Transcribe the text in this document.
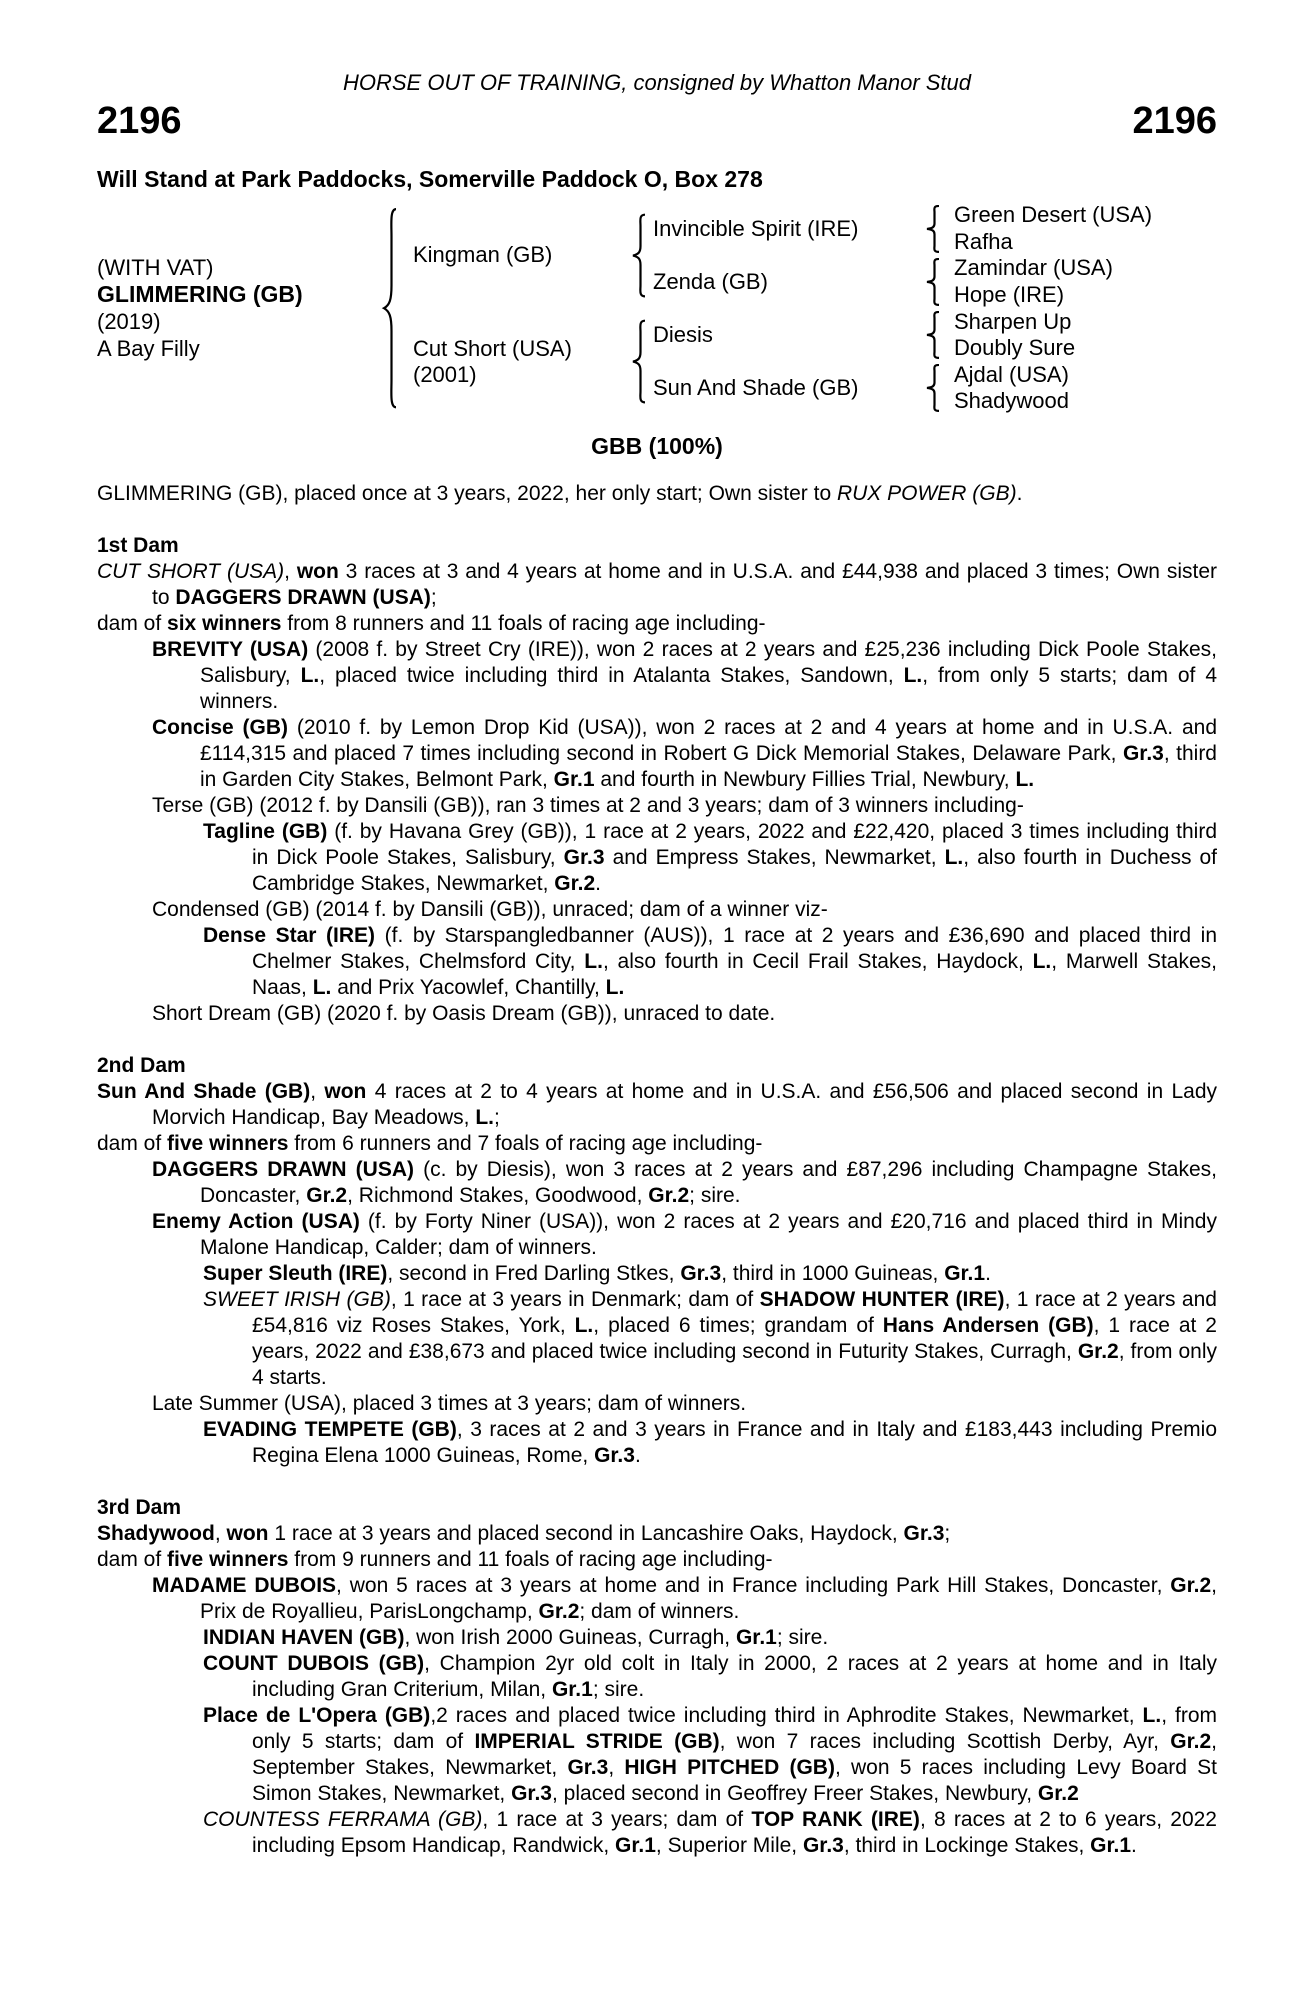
HORSE OUT OF TRAINING, consigned by Whatton Manor Stud
2196	2196
Will Stand at Park Paddocks, Somerville Paddock O, Box 278
(WITH VAT)
GLIMMERING (GB)
(2019)
A Bay Filly
Kingman (GB)
Cut Short (USA)
(2001)
Invincible Spirit (IRE)
Zenda (GB)
Diesis
Sun And Shade (GB)
Green Desert (USA)
Rafha
Zamindar (USA)
Hope (IRE)
Sharpen Up
Doubly Sure
Ajdal (USA)
Shadywood
GBB (100%)

GLIMMERING (GB), placed once at 3 years, 2022, her only start; Own sister to RUX POWER (GB).

1st Dam

CUT SHORT (USA), won 3 races at 3 and 4 years at home and in U.S.A. and £44,938 and placed 3 times; Own sister to DAGGERS DRAWN (USA);

dam of six winners from 8 runners and 11 foals of racing age including-

BREVITY (USA) (2008 f. by Street Cry (IRE)), won 2 races at 2 years and £25,236 including Dick Poole Stakes, Salisbury, L., placed twice including third in Atalanta Stakes, Sandown, L., from only 5 starts; dam of 4 winners.

Concise (GB) (2010 f. by Lemon Drop Kid (USA)), won 2 races at 2 and 4 years at home and in U.S.A. and £114,315 and placed 7 times including second in Robert G Dick Memorial Stakes, Delaware Park, Gr.3, third in Garden City Stakes, Belmont Park, Gr.1 and fourth in Newbury Fillies Trial, Newbury, L.

Terse (GB) (2012 f. by Dansili (GB)), ran 3 times at 2 and 3 years; dam of 3 winners including-

Tagline (GB) (f. by Havana Grey (GB)), 1 race at 2 years, 2022 and £22,420, placed 3 times including third in Dick Poole Stakes, Salisbury, Gr.3 and Empress Stakes, Newmarket, L., also fourth in Duchess of Cambridge Stakes, Newmarket, Gr.2.

Condensed (GB) (2014 f. by Dansili (GB)), unraced; dam of a winner viz-

Dense Star (IRE) (f. by Starspangledbanner (AUS)), 1 race at 2 years and £36,690 and placed third in Chelmer Stakes, Chelmsford City, L., also fourth in Cecil Frail Stakes, Haydock, L., Marwell Stakes, Naas, L. and Prix Yacowlef, Chantilly, L.

Short Dream (GB) (2020 f. by Oasis Dream (GB)), unraced to date.

2nd Dam

Sun And Shade (GB), won 4 races at 2 to 4 years at home and in U.S.A. and £56,506 and placed second in Lady Morvich Handicap, Bay Meadows, L.;

dam of five winners from 6 runners and 7 foals of racing age including-

DAGGERS DRAWN (USA) (c. by Diesis), won 3 races at 2 years and £87,296 including Champagne Stakes, Doncaster, Gr.2, Richmond Stakes, Goodwood, Gr.2; sire.

Enemy Action (USA) (f. by Forty Niner (USA)), won 2 races at 2 years and £20,716 and placed third in Mindy Malone Handicap, Calder; dam of winners.

Super Sleuth (IRE), second in Fred Darling Stkes, Gr.3, third in 1000 Guineas, Gr.1.

SWEET IRISH (GB), 1 race at 3 years in Denmark; dam of SHADOW HUNTER (IRE), 1 race at 2 years and £54,816 viz Roses Stakes, York, L., placed 6 times; grandam of Hans Andersen (GB), 1 race at 2 years, 2022 and £38,673 and placed twice including second in Futurity Stakes, Curragh, Gr.2, from only 4 starts.

Late Summer (USA), placed 3 times at 3 years; dam of winners.

EVADING TEMPETE (GB), 3 races at 2 and 3 years in France and in Italy and £183,443 including Premio Regina Elena 1000 Guineas, Rome, Gr.3.

3rd Dam

Shadywood, won 1 race at 3 years and placed second in Lancashire Oaks, Haydock, Gr.3;

dam of five winners from 9 runners and 11 foals of racing age including-

MADAME DUBOIS, won 5 races at 3 years at home and in France including Park Hill Stakes, Doncaster, Gr.2, Prix de Royallieu, ParisLongchamp, Gr.2; dam of winners.

INDIAN HAVEN (GB), won Irish 2000 Guineas, Curragh, Gr.1; sire.

COUNT DUBOIS (GB), Champion 2yr old colt in Italy in 2000, 2 races at 2 years at home and in Italy including Gran Criterium, Milan, Gr.1; sire.

Place de L'Opera (GB),2 races and placed twice including third in Aphrodite Stakes, Newmarket, L., from only 5 starts; dam of IMPERIAL STRIDE (GB), won 7 races including Scottish Derby, Ayr, Gr.2, September Stakes, Newmarket, Gr.3, HIGH PITCHED (GB), won 5 races including Levy Board St Simon Stakes, Newmarket, Gr.3, placed second in Geoffrey Freer Stakes, Newbury, Gr.2

COUNTESS FERRAMA (GB), 1 race at 3 years; dam of TOP RANK (IRE), 8 races at 2 to 6 years, 2022 including Epsom Handicap, Randwick, Gr.1, Superior Mile, Gr.3, third in Lockinge Stakes, Gr.1.
